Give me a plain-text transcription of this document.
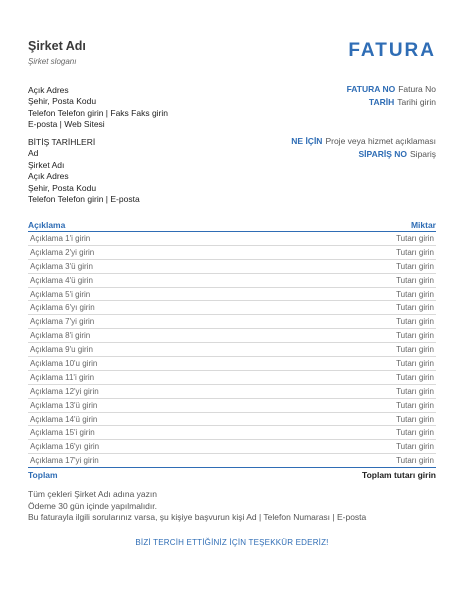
Şirket Adı
Şirket sloganı
FATURA
Açık Adres
Şehir, Posta Kodu
Telefon Telefon girin | Faks Faks girin
E-posta | Web Sitesi
FATURA NO Fatura No
TARİH Tarihi girin
BİTİŞ TARİHLERİ
Ad
Şirket Adı
Açık Adres
Şehir, Posta Kodu
Telefon Telefon girin | E-posta
NE İÇİN Proje veya hizmet açıklaması
SİPARİŞ NO Sipariş
Açıklama	Miktar
Açıklama 1'i girin	Tutarı girin
Açıklama 2'yi girin	Tutarı girin
Açıklama 3'ü girin	Tutarı girin
Açıklama 4'ü girin	Tutarı girin
Açıklama 5'i girin	Tutarı girin
Açıklama 6'yı girin	Tutarı girin
Açıklama 7'yi girin	Tutarı girin
Açıklama 8'i girin	Tutarı girin
Açıklama 9'u girin	Tutarı girin
Açıklama 10'u girin	Tutarı girin
Açıklama 11'i girin	Tutarı girin
Açıklama 12'yi girin	Tutarı girin
Açıklama 13'ü girin	Tutarı girin
Açıklama 14'ü girin	Tutarı girin
Açıklama 15'i girin	Tutarı girin
Açıklama 16'yı girin	Tutarı girin
Açıklama 17'yi girin	Tutarı girin
Toplam	Toplam tutarı girin
Tüm çekleri Şirket Adı adına yazın
Ödeme 30 gün içinde yapılmalıdır.
Bu faturayla ilgili sorularınız varsa, şu kişiye başvurun kişi Ad | Telefon Numarası | E-posta
BİZİ TERCİH ETTİĞİNİZ İÇİN TEŞEKKÜR EDERİZ!
